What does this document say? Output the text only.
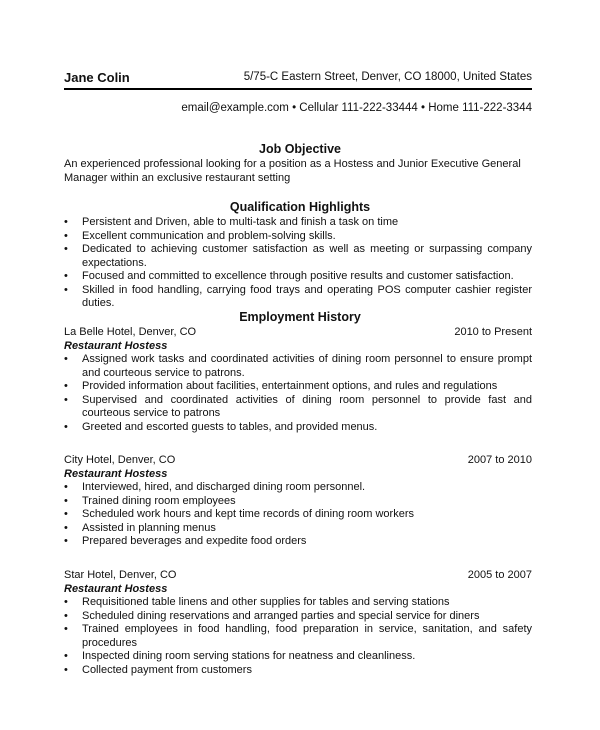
Jane Colin	5/75-C Eastern Street, Denver, CO 18000, United States
email@example.com • Cellular 111-222-33444 • Home 111-222-3344
Job Objective
An experienced professional looking for a position as a Hostess and Junior Executive General Manager within an exclusive restaurant setting
Qualification Highlights
• Persistent and Driven, able to multi-task and finish a task on time
• Excellent communication and problem-solving skills.
• Dedicated to achieving customer satisfaction as well as meeting or surpassing company expectations.
• Focused and committed to excellence through positive results and customer satisfaction.
• Skilled in food handling, carrying food trays and operating POS computer cashier register duties.
Employment History
La Belle Hotel, Denver, CO	2010 to Present
Restaurant Hostess
• Assigned work tasks and coordinated activities of dining room personnel to ensure prompt and courteous service to patrons.
• Provided information about facilities, entertainment options, and rules and regulations
• Supervised and coordinated activities of dining room personnel to provide fast and courteous service to patrons
• Greeted and escorted guests to tables, and provided menus.
City Hotel, Denver, CO	2007 to 2010
Restaurant Hostess
• Interviewed, hired, and discharged dining room personnel.
• Trained dining room employees
• Scheduled work hours and kept time records of dining room workers
• Assisted in planning menus
• Prepared beverages and expedite food orders
Star Hotel, Denver, CO	2005 to 2007
Restaurant Hostess
• Requisitioned table linens and other supplies for tables and serving stations
• Scheduled dining reservations and arranged parties and special service for diners
• Trained employees in food handling, food preparation in service, sanitation, and safety procedures
• Inspected dining room serving stations for neatness and cleanliness.
• Collected payment from customers
